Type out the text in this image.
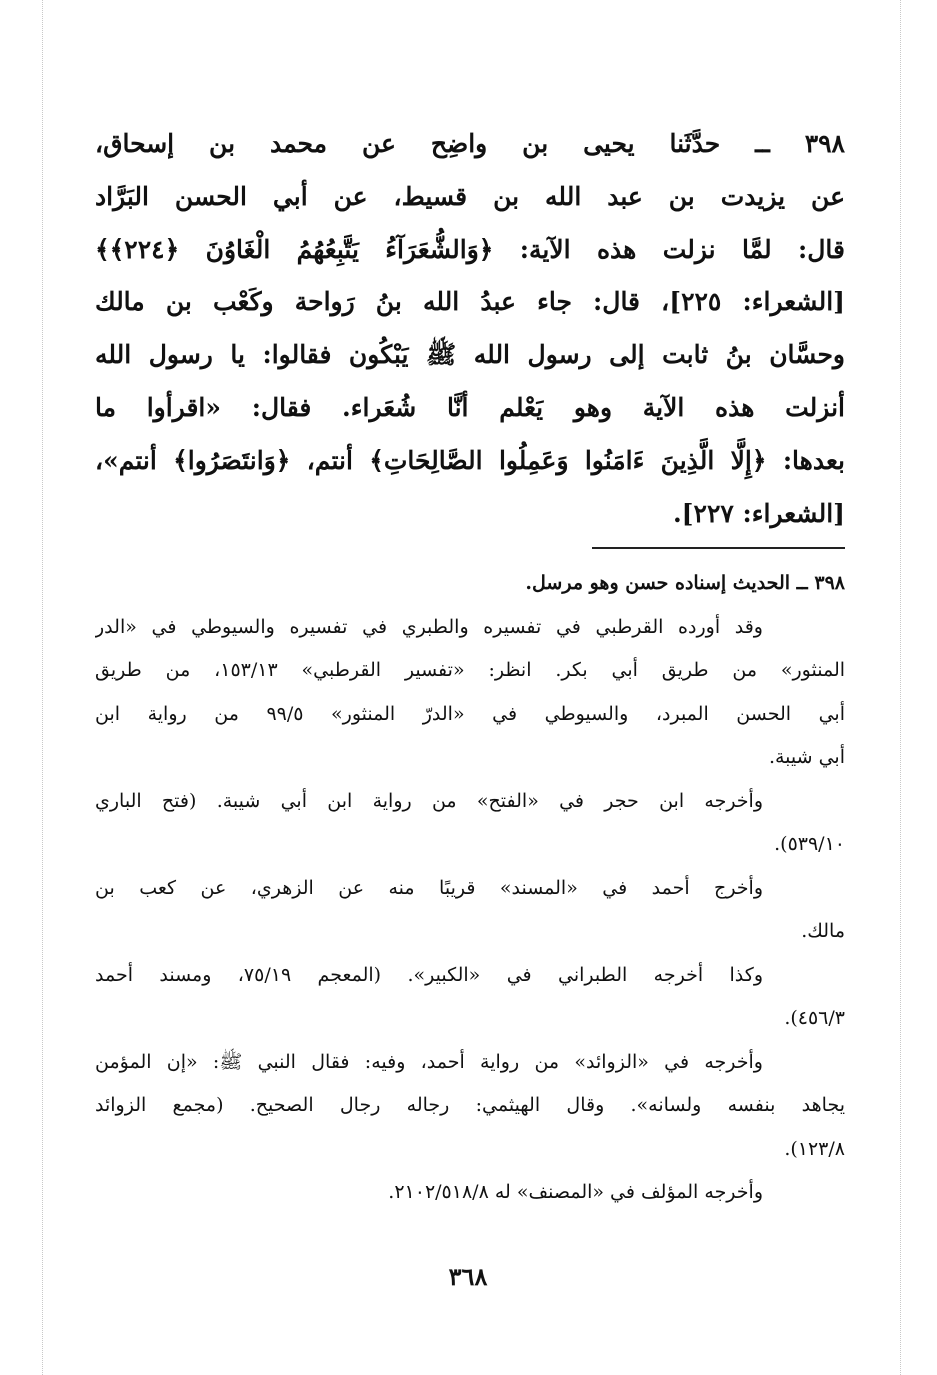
٣٩٨ ــ حدَّثَنا يحيى بن واضِح عن محمد بن إسحاق،
عن يزيدت بن عبد الله بن قسيط، عن أبي الحسن البَرَّاد
قال: لمَّا نزلت هذه الآية: ﴿وَالشُّعَرَآءُ يَتَّبِعُهُمُ الْغَاوُنَ ﴿٢٢٤﴾﴾
[الشعراء: ٢٢٥]، قال: جاء عبدُ الله بنُ رَواحة وكَعْب بن مالك
وحسَّان بنُ ثابت إلى رسول الله ﷺ يَبْكُون فقالوا: يا رسول الله
أنزلت هذه الآية وهو يَعْلم أنَّا شُعَراء. فقال: «اقرأوا ما
بعدها: ﴿إِلَّا الَّذِينَ ءَامَنُوا وَعَمِلُوا الصَّالِحَاتِ﴾ أنتم، ﴿وَانتَصَرُوا﴾ أنتم»،
[الشعراء: ٢٢٧].
٣٩٨ ــ الحديث إسناده حسن وهو مرسل.
وقد أورده القرطبي في تفسيره والطبري في تفسيره والسيوطي في «الدر
المنثور» من طريق أبي بكر. انظر: «تفسير القرطبي» ١٥٣/١٣، من طريق
أبي الحسن المبرد، والسيوطي في «الدرّ المنثور» ٩٩/٥ من رواية ابن
أبي شيبة.
وأخرجه ابن حجر في «الفتح» من رواية ابن أبي شيبة. (فتح الباري
٥٣٩/١٠).
وأخرج أحمد في «المسند» قريبًا منه عن الزهري، عن كعب بن
مالك.
وكذا أخرجه الطبراني في «الكبير». (المعجم ٧٥/١٩، ومسند أحمد
٤٥٦/٣).
وأخرجه في «الزوائد» من رواية أحمد، وفيه: فقال النبي ﷺ: «إن المؤمن
يجاهد بنفسه ولسانه». وقال الهيثمي: رجاله رجال الصحيح. (مجمع الزوائد
١٢٣/٨).
وأخرجه المؤلف في «المصنف» له ٢١٠٢/٥١٨/٨.
٣٦٨
